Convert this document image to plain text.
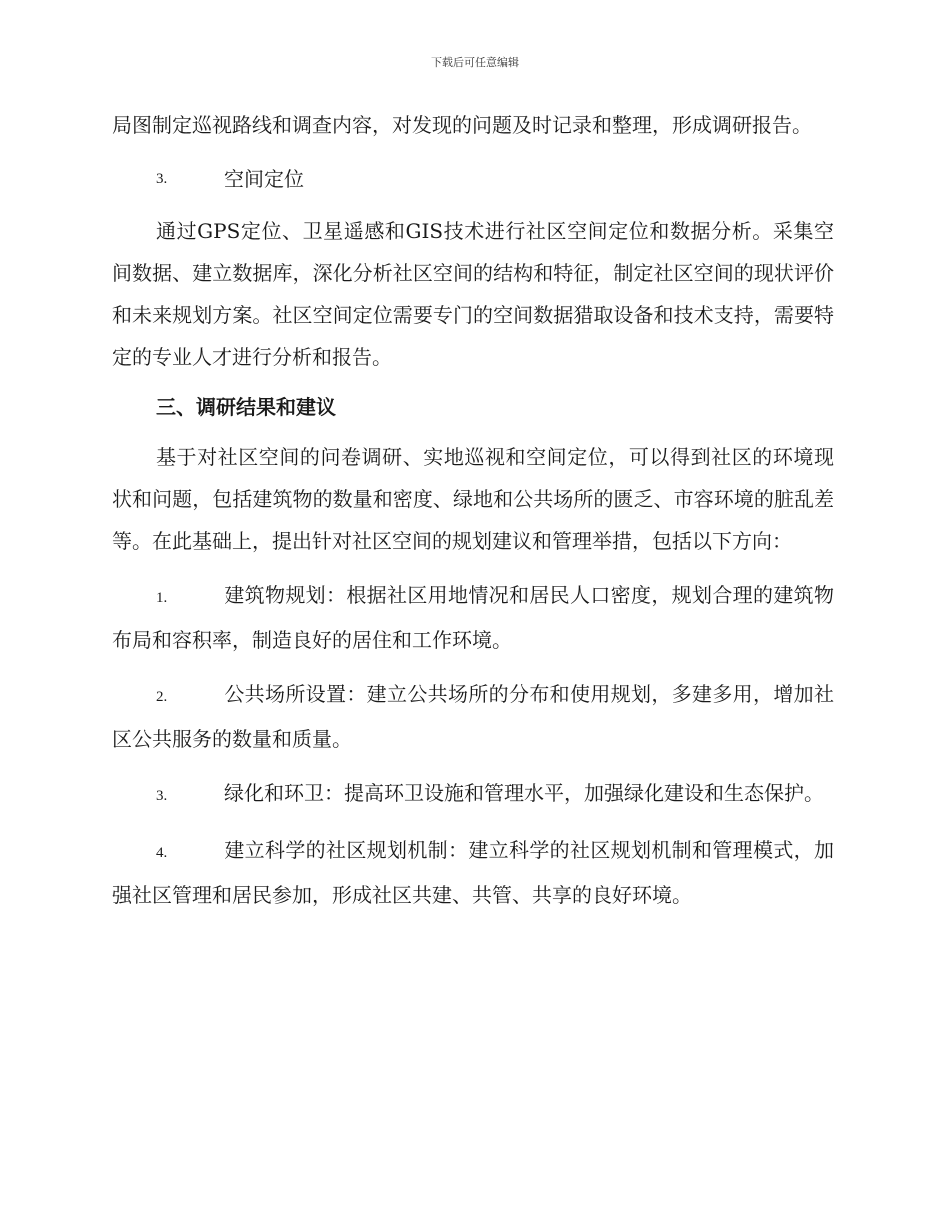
下载后可任意编辑

局图制定巡视路线和调查内容，对发现的问题及时记录和整理，形成调研报告。

3.	空间定位

通过GPS定位、卫星遥感和GIS技术进行社区空间定位和数据分析。采集空间数据、建立数据库，深化分析社区空间的结构和特征，制定社区空间的现状评价和未来规划方案。社区空间定位需要专门的空间数据猎取设备和技术支持，需要特定的专业人才进行分析和报告。

三、调研结果和建议

基于对社区空间的问卷调研、实地巡视和空间定位，可以得到社区的环境现状和问题，包括建筑物的数量和密度、绿地和公共场所的匮乏、市容环境的脏乱差等。在此基础上，提出针对社区空间的规划建议和管理举措，包括以下方向：

1.	建筑物规划：根据社区用地情况和居民人口密度，规划合理的建筑物布局和容积率，制造良好的居住和工作环境。

2.	公共场所设置：建立公共场所的分布和使用规划，多建多用，增加社区公共服务的数量和质量。

3.	绿化和环卫：提高环卫设施和管理水平，加强绿化建设和生态保护。

4.	建立科学的社区规划机制：建立科学的社区规划机制和管理模式，加强社区管理和居民参加，形成社区共建、共管、共享的良好环境。
